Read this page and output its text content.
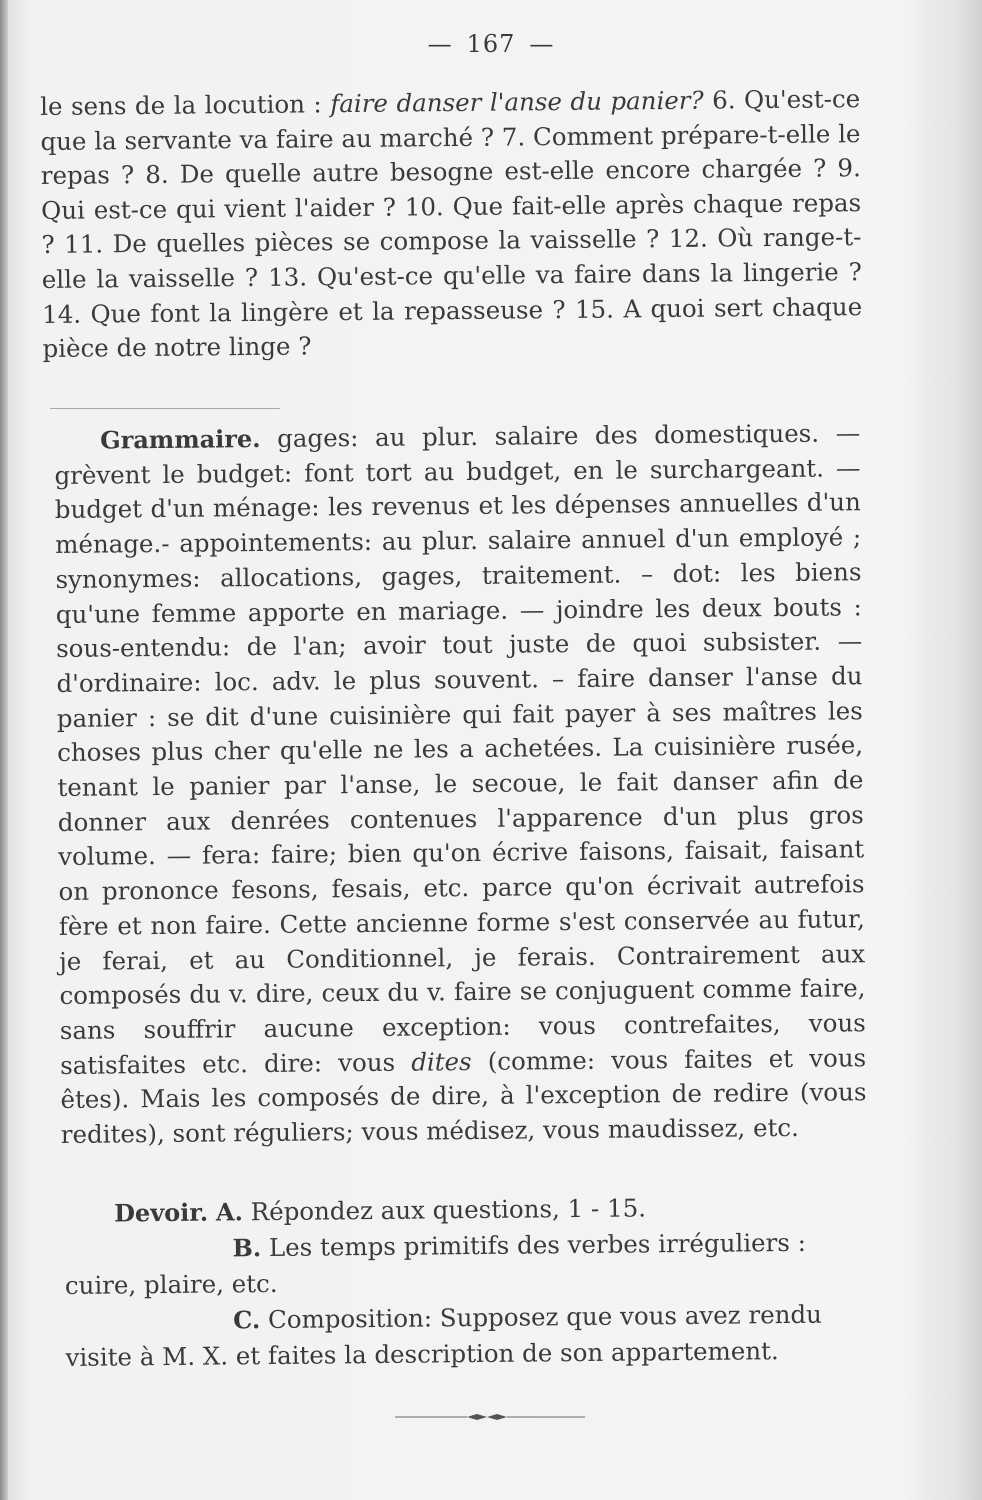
— 167 —
le sens de la locution : faire danser l'anse du panier? 6. Qu'est-ce que la servante va faire au marché ? 7. Comment prépare-t-elle le repas ? 8. De quelle autre besogne est-elle encore chargée ? 9. Qui est-ce qui vient l'aider ? 10. Que fait-elle après chaque repas ? 11. De quelles pièces se compose la vaisselle ? 12. Où range-t-elle la vaisselle ? 13. Qu'est-ce qu'elle va faire dans la lingerie ? 14. Que font la lingère et la repasseuse ? 15. A quoi sert chaque pièce de notre linge ?

Grammaire. gages: au plur. salaire des domestiques. — grèvent le budget: font tort au budget, en le surchargeant. — budget d'un ménage: les revenus et les dépenses annuelles d'un ménage.- appointements: au plur. salaire annuel d'un employé ; synonymes: allocations, gages, traitement. – dot: les biens qu'une femme apporte en mariage. — joindre les deux bouts : sous-entendu: de l'an; avoir tout juste de quoi subsister. — d'ordinaire: loc. adv. le plus souvent. – faire danser l'anse du panier : se dit d'une cuisinière qui fait payer à ses maîtres les choses plus cher qu'elle ne les a achetées. La cuisinière rusée, tenant le panier par l'anse, le secoue, le fait danser afin de donner aux denrées contenues l'apparence d'un plus gros volume. — fera: faire; bien qu'on écrive faisons, faisait, faisant on prononce fesons, fesais, etc. parce qu'on écrivait autrefois fère et non faire. Cette ancienne forme s'est conservée au futur, je ferai, et au Conditionnel, je ferais. Contrairement aux composés du v. dire, ceux du v. faire se conjuguent comme faire, sans souffrir aucune exception: vous contrefaites, vous satisfaites etc. dire: vous dites (comme: vous faites et vous êtes). Mais les composés de dire, à l'exception de redire (vous redites), sont réguliers; vous médisez, vous maudissez, etc.

Devoir. A. Répondez aux questions, 1 - 15.

B. Les temps primitifs des verbes irréguliers :

cuire, plaire, etc.

C. Composition: Supposez que vous avez rendu

visite à M. X. et faites la description de son appartement.
